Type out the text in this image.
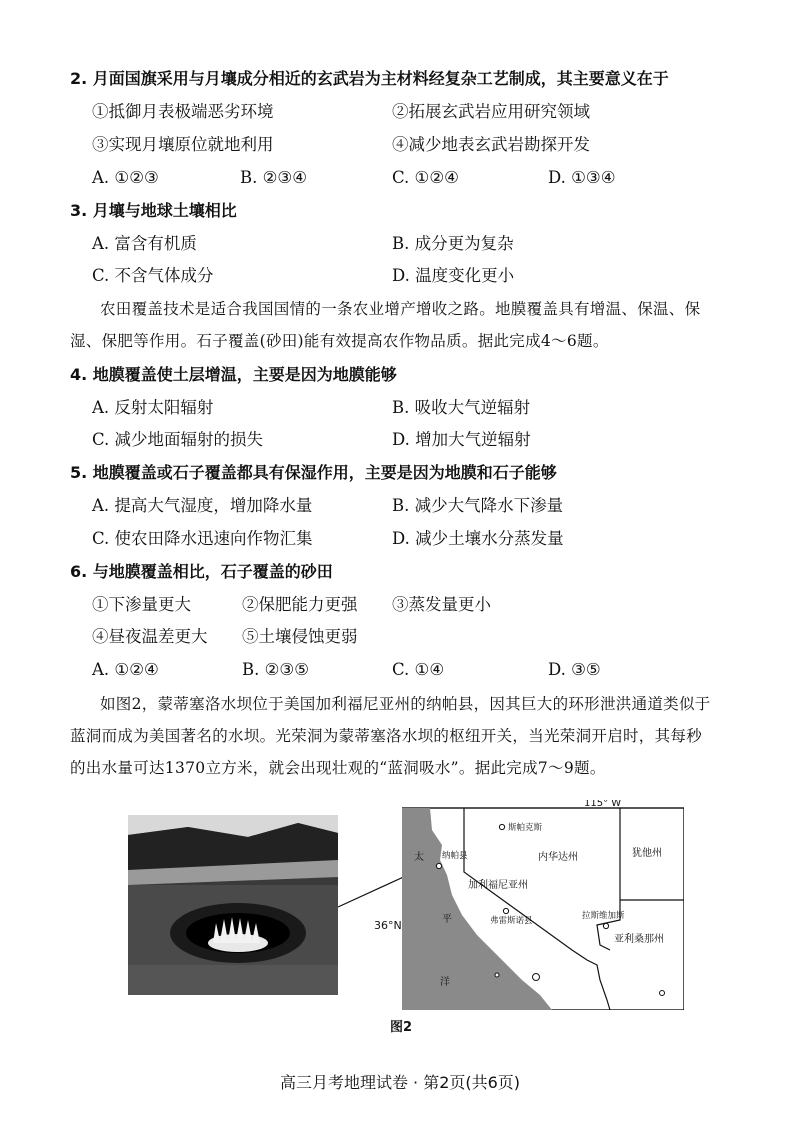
2. 月面国旗采用与月壤成分相近的玄武岩为主材料经复杂工艺制成，其主要意义在于
①抵御月表极端恶劣环境	②拓展玄武岩应用研究领域
③实现月壤原位就地利用	④减少地表玄武岩勘探开发
A. ①②③	B. ②③④	C. ①②④	D. ①③④
3. 月壤与地球土壤相比
A. 富含有机质	B. 成分更为复杂
C. 不含气体成分	D. 温度变化更小
农田覆盖技术是适合我国国情的一条农业增产增收之路。地膜覆盖具有增温、保温、保
湿、保肥等作用。石子覆盖(砂田)能有效提高农作物品质。据此完成4～6题。
4. 地膜覆盖使土层增温，主要是因为地膜能够
A. 反射太阳辐射	B. 吸收大气逆辐射
C. 减少地面辐射的损失	D. 增加大气逆辐射
5. 地膜覆盖或石子覆盖都具有保湿作用，主要是因为地膜和石子能够
A. 提高大气湿度，增加降水量	B. 减少大气降水下渗量
C. 使农田降水迅速向作物汇集	D. 减少土壤水分蒸发量
6. 与地膜覆盖相比，石子覆盖的砂田
①下渗量更大	②保肥能力更强 ③蒸发量更小
④昼夜温差更大 ⑤土壤侵蚀更弱
A. ①②④	B. ②③⑤	C. ①④	D. ③⑤
如图2，蒙蒂塞洛水坝位于美国加利福尼亚州的纳帕县，因其巨大的环形泄洪通道类似于
蓝洞而成为美国著名的水坝。光荣洞为蒙蒂塞洛水坝的枢纽开关，当光荣洞开启时，其每秒
的出水量可达1370立方米，就会出现壮观的“蓝洞吸水”。据此完成7～9题。
115° W
斯帕克斯
纳帕县	内华达州	犹他州
加利福尼亚州
弗雷斯诺县	拉斯维加斯
亚利桑那州
太
平
洋
36°N
图2
高三月考地理试卷 · 第2页(共6页)
